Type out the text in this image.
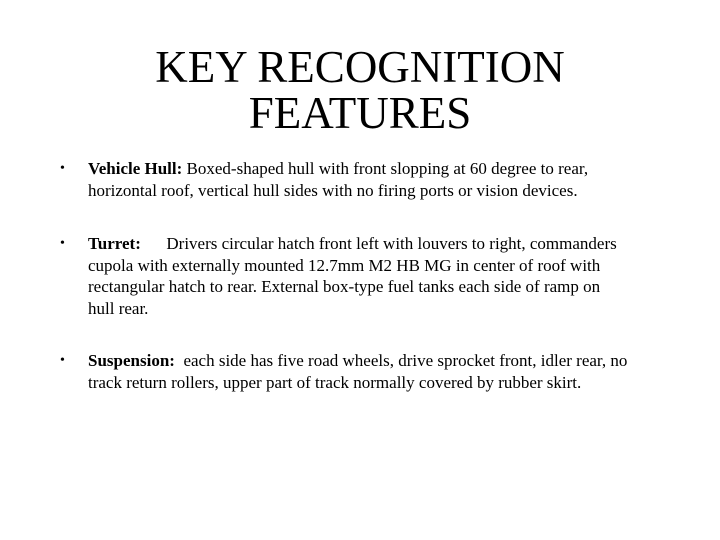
KEY RECOGNITION
FEATURES
• Vehicle Hull: Boxed-shaped hull with front slopping at 60 degree to rear,
horizontal roof, vertical hull sides with no firing ports or vision devices.
• Turret: Drivers circular hatch front left with louvers to right, commanders
cupola with externally mounted 12.7mm M2 HB MG in center of roof with
rectangular hatch to rear. External box-type fuel tanks each side of ramp on
hull rear.
• Suspension: each side has five road wheels, drive sprocket front, idler rear, no
track return rollers, upper part of track normally covered by rubber skirt.
